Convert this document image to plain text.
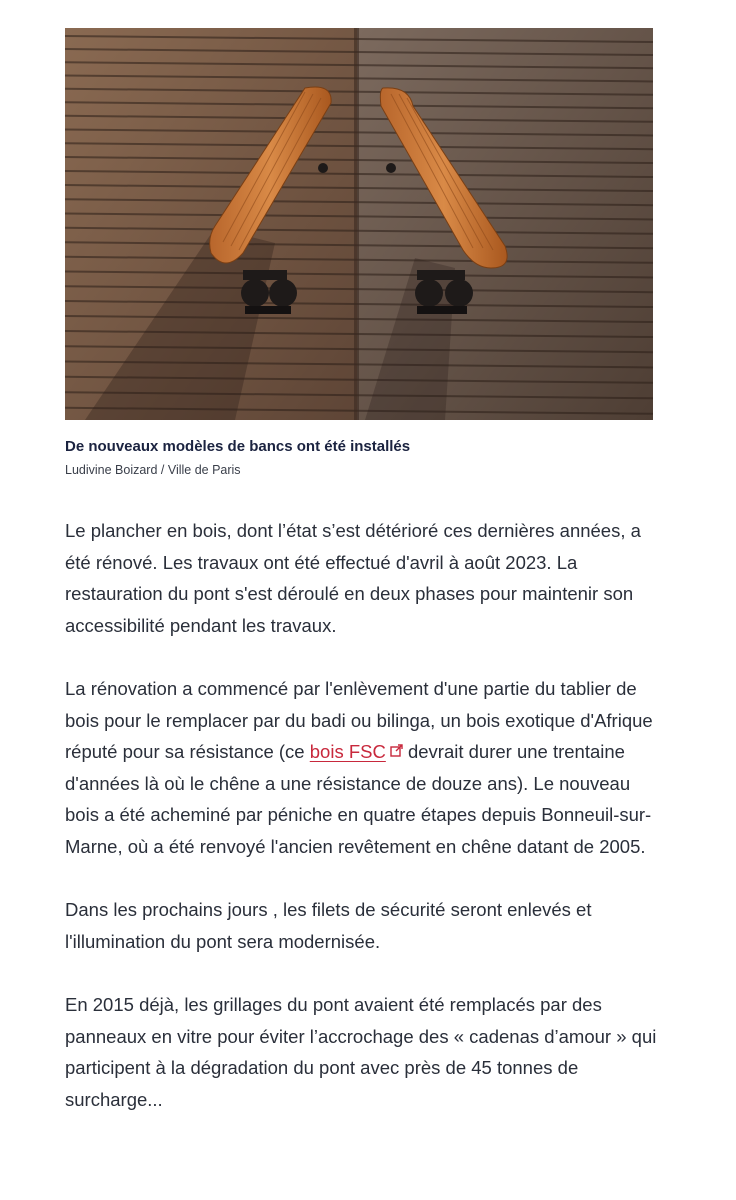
De nouveaux modèles de bancs ont été installés

Ludivine Boizard / Ville de Paris

Le plancher en bois, dont l’état s’est détérioré ces dernières années, a été rénové. Les travaux ont été effectué d'avril à août 2023. La restauration du pont s'est déroulé en deux phases pour maintenir son accessibilité pendant les travaux.

La rénovation a commencé par l'enlèvement d'une partie du tablier de bois pour le remplacer par du badi ou bilinga, un bois exotique d'Afrique réputé pour sa résistance (ce bois FSC devrait durer une trentaine d'années là où le chêne a une résistance de douze ans). Le nouveau bois a été acheminé par péniche en quatre étapes depuis Bonneuil-sur-Marne, où a été renvoyé l'ancien revêtement en chêne datant de 2005.

Dans les prochains jours , les filets de sécurité seront enlevés et l'illumination du pont sera modernisée.

En 2015 déjà, les grillages du pont avaient été remplacés par des panneaux en vitre pour éviter l’accrochage des « cadenas d’amour » qui participent à la dégradation du pont avec près de 45 tonnes de surcharge...
